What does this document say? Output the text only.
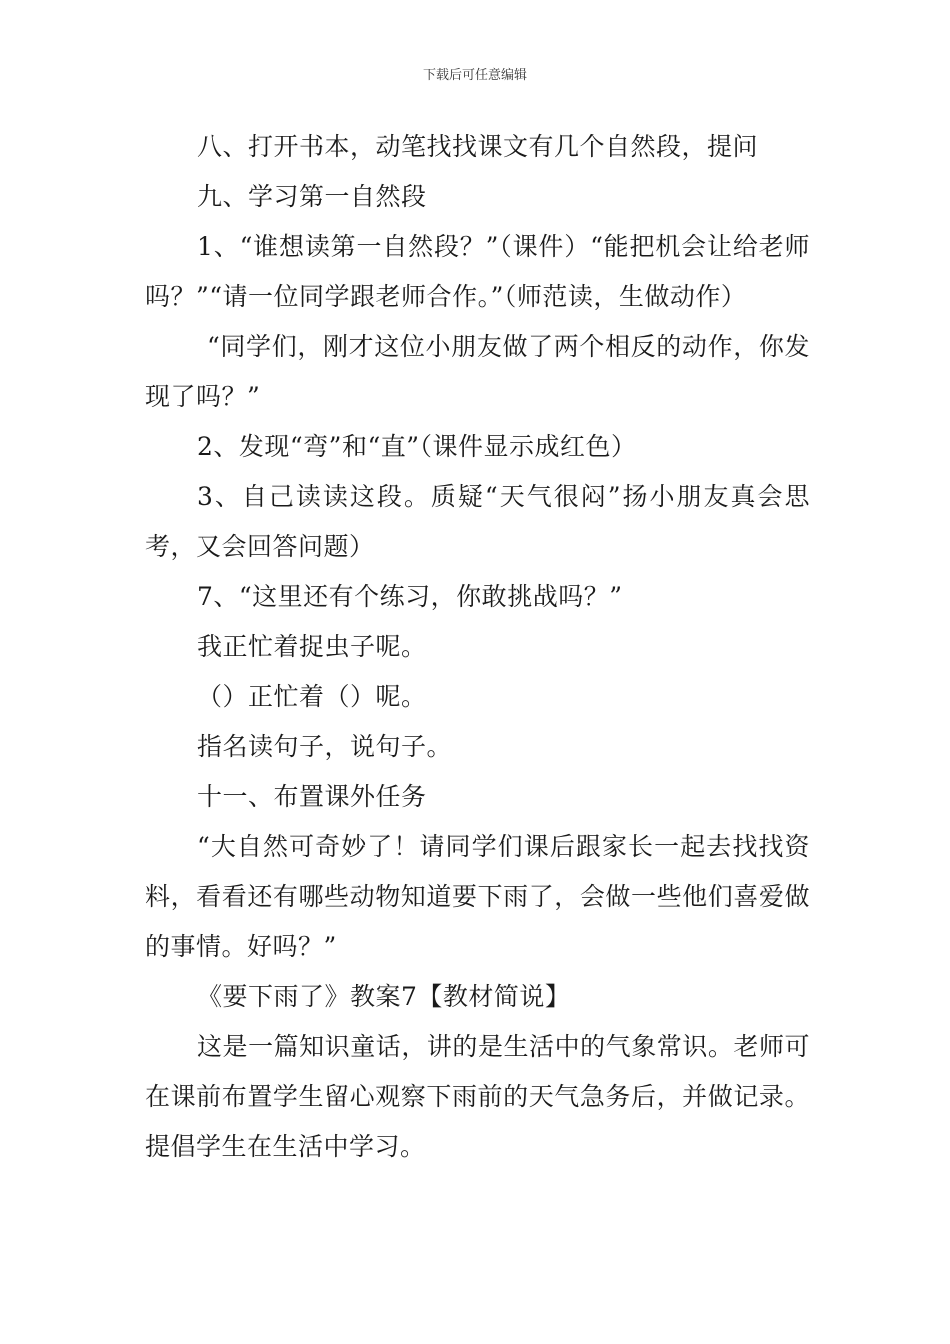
下载后可任意编辑

八、打开书本，动笔找找课文有几个自然段，提问

九、学习第一自然段

1、“谁想读第一自然段？”（课件）“能把机会让给老师吗？”“请一位同学跟老师合作。”（师范读，生做动作）

“同学们，刚才这位小朋友做了两个相反的动作，你发现了吗？”

2、发现“弯”和“直”（课件显示成红色）

3、自己读读这段。质疑“天气很闷”扬小朋友真会思考，又会回答问题）

7、“这里还有个练习，你敢挑战吗？”

我正忙着捉虫子呢。

（）正忙着（）呢。

指名读句子，说句子。

十一、布置课外任务

“大自然可奇妙了！请同学们课后跟家长一起去找找资料，看看还有哪些动物知道要下雨了，会做一些他们喜爱做的事情。好吗？”

《要下雨了》教案7【教材简说】

这是一篇知识童话，讲的是生活中的气象常识。老师可在课前布置学生留心观察下雨前的天气急务后，并做记录。提倡学生在生活中学习。
